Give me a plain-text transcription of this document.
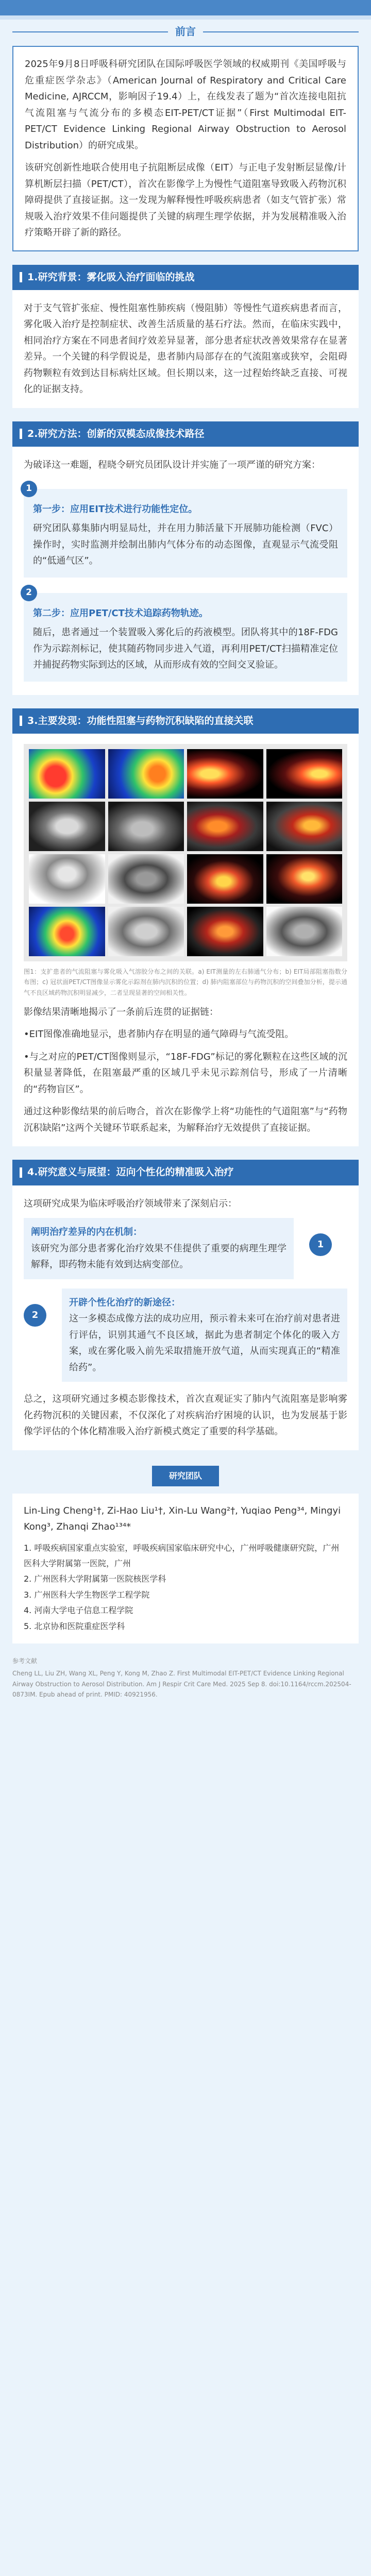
前言

2025年9月8日呼吸科研究团队在国际呼吸医学领域的权威期刊《美国呼吸与危重症医学杂志》（American Journal of Respiratory and Critical Care Medicine, AJRCCM，影响因子19.4）上，在线发表了题为“首次连接电阻抗气流阻塞与气流分布的多模态EIT-PET/CT证据”（First Multimodal EIT-PET/CT Evidence Linking Regional Airway Obstruction to Aerosol Distribution）的研究成果。

该研究创新性地联合使用电子抗阻断层成像（EIT）与正电子发射断层显像/计算机断层扫描（PET/CT），首次在影像学上为慢性气道阻塞导致吸入药物沉积障碍提供了直接证据。这一发现为解释慢性呼吸疾病患者（如支气管扩张）常规吸入治疗效果不佳问题提供了关键的病理生理学依据，并为发展精准吸入治疗策略开辟了新的路径。

1.研究背景：雾化吸入治疗面临的挑战

对于支气管扩张症、慢性阻塞性肺疾病（慢阻肺）等慢性气道疾病患者而言，雾化吸入治疗是控制症状、改善生活质量的基石疗法。然而，在临床实践中，相同治疗方案在不同患者间疗效差异显著，部分患者症状改善效果常存在显著差异。一个关键的科学假说是，患者肺内局部存在的气流阻塞或狭窄，会阻碍药物颗粒有效到达目标病灶区域。但长期以来，这一过程始终缺乏直接、可视化的证据支持。

2.研究方法：创新的双模态成像技术路径

为破译这一难题，程晓令研究员团队设计并实施了一项严谨的研究方案：

1
第一步：应用EIT技术进行功能性定位。

研究团队募集肺内明显局灶，并在用力肺活量下开展肺功能检测（FVC）操作时，实时监测并绘制出肺内气体分布的动态图像，直观显示气流受阻的“低通气区”。

2
第二步：应用PET/CT技术追踪药物轨迹。

随后，患者通过一个装置吸入雾化后的药液模型。团队将其中的18F-FDG作为示踪剂标记，使其随药物同步进入气道，再利用PET/CT扫描精准定位并捕捉药物实际到达的区域，从而形成有效的空间交叉验证。

3.主要发现：功能性阻塞与药物沉积缺陷的直接关联

图1：支扩患者的气流阻塞与雾化吸入气溶胶分布之间的关联。a) EIT测量的左右肺通气分布；b) EIT局部阻塞指数分布图；c) 冠状面PET/CT图像显示雾化示踪剂在肺内沉积的位置；d) 肺内阻塞部位与药物沉积的空间叠加分析，提示通气不良区域药物沉积明显减少，二者呈现显著的空间相关性。

影像结果清晰地揭示了一条前后连贯的证据链：

•EIT图像准确地显示，患者肺内存在明显的通气障碍与气流受阻。

•与之对应的PET/CT图像则显示，“18F-FDG”标记的雾化颗粒在这些区域的沉积量显著降低，在阻塞最严重的区域几乎未见示踪剂信号，形成了一片清晰的“药物盲区”。

通过这种影像结果的前后吻合，首次在影像学上将“功能性的气道阻塞”与“药物沉积缺陷”这两个关键环节联系起来，为解释治疗无效提供了直接证据。

4.研究意义与展望：迈向个性化的精准吸入治疗

这项研究成果为临床呼吸治疗领域带来了深刻启示：

阐明治疗差异的内在机制：

该研究为部分患者雾化治疗效果不佳提供了重要的病理生理学解释，即药物未能有效到达病变部位。

1
2
开辟个性化治疗的新途径：

这一多模态成像方法的成功应用，预示着未来可在治疗前对患者进行评估，识别其通气不良区域，据此为患者制定个体化的吸入方案，或在雾化吸入前先采取措施开放气道，从而实现真正的“精准给药”。

总之，这项研究通过多模态影像技术，首次直观证实了肺内气流阻塞是影响雾化药物沉积的关键因素，不仅深化了对疾病治疗困境的认识，也为发展基于影像学评估的个体化精准吸入治疗新模式奠定了重要的科学基础。

研究团队
Lin-Ling Cheng¹†, Zi-Hao Liu¹†, Xin-Lu Wang²†, Yuqiao Peng³⁴, Mingyi Kong³, Zhanqi Zhao¹³⁴*
1. 呼吸疾病国家重点实验室，呼吸疾病国家临床研究中心，广州呼吸健康研究院，广州医科大学附属第一医院，广州
2. 广州医科大学附属第一医院核医学科
3. 广州医科大学生物医学工程学院
4. 河南大学电子信息工程学院
5. 北京协和医院重症医学科
参考文献
Cheng LL, Liu ZH, Wang XL, Peng Y, Kong M, Zhao Z. First Multimodal EIT-PET/CT Evidence Linking Regional Airway Obstruction to Aerosol Distribution. Am J Respir Crit Care Med. 2025 Sep 8. doi:10.1164/rccm.202504-0873IM. Epub ahead of print. PMID: 40921956.
